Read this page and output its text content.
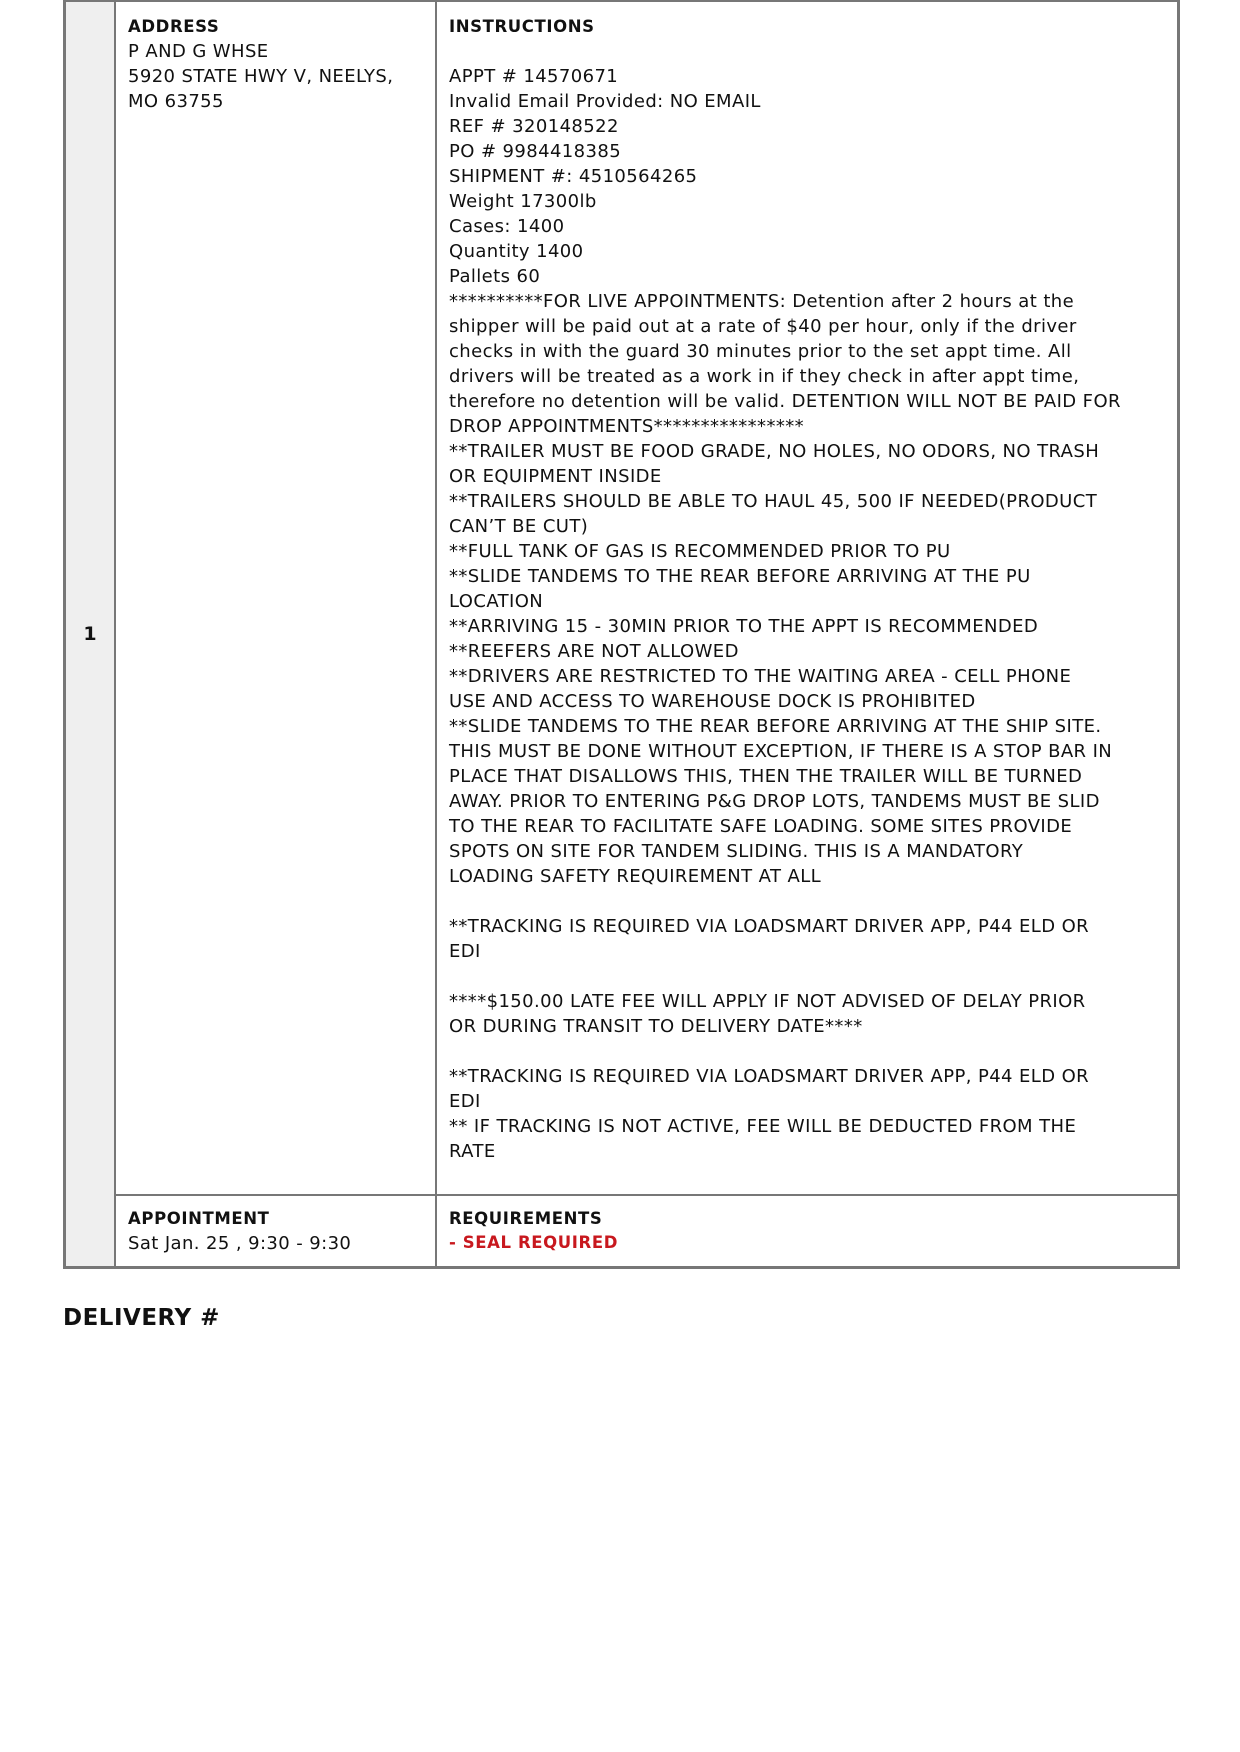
1
ADDRESS
P AND G WHSE
5920 STATE HWY V, NEELYS,
MO 63755
INSTRUCTIONS
APPT # 14570671
Invalid Email Provided: NO EMAIL
REF # 320148522
PO # 9984418385
SHIPMENT #: 4510564265
Weight 17300lb
Cases: 1400
Quantity 1400
Pallets 60
**********FOR LIVE APPOINTMENTS: Detention after 2 hours at the
shipper will be paid out at a rate of $40 per hour, only if the driver
checks in with the guard 30 minutes prior to the set appt time. All
drivers will be treated as a work in if they check in after appt time,
therefore no detention will be valid. DETENTION WILL NOT BE PAID FOR
DROP APPOINTMENTS****************
**TRAILER MUST BE FOOD GRADE, NO HOLES, NO ODORS, NO TRASH
OR EQUIPMENT INSIDE
**TRAILERS SHOULD BE ABLE TO HAUL 45, 500 IF NEEDED(PRODUCT
CAN’T BE CUT)
**FULL TANK OF GAS IS RECOMMENDED PRIOR TO PU
**SLIDE TANDEMS TO THE REAR BEFORE ARRIVING AT THE PU
LOCATION
**ARRIVING 15 - 30MIN PRIOR TO THE APPT IS RECOMMENDED
**REEFERS ARE NOT ALLOWED
**DRIVERS ARE RESTRICTED TO THE WAITING AREA - CELL PHONE
USE AND ACCESS TO WAREHOUSE DOCK IS PROHIBITED
**SLIDE TANDEMS TO THE REAR BEFORE ARRIVING AT THE SHIP SITE.
THIS MUST BE DONE WITHOUT EXCEPTION, IF THERE IS A STOP BAR IN
PLACE THAT DISALLOWS THIS, THEN THE TRAILER WILL BE TURNED
AWAY. PRIOR TO ENTERING P&G DROP LOTS, TANDEMS MUST BE SLID
TO THE REAR TO FACILITATE SAFE LOADING. SOME SITES PROVIDE
SPOTS ON SITE FOR TANDEM SLIDING. THIS IS A MANDATORY
LOADING SAFETY REQUIREMENT AT ALL
**TRACKING IS REQUIRED VIA LOADSMART DRIVER APP, P44 ELD OR
EDI
****$150.00 LATE FEE WILL APPLY IF NOT ADVISED OF DELAY PRIOR
OR DURING TRANSIT TO DELIVERY DATE****
**TRACKING IS REQUIRED VIA LOADSMART DRIVER APP, P44 ELD OR
EDI
** IF TRACKING IS NOT ACTIVE, FEE WILL BE DEDUCTED FROM THE
RATE
APPOINTMENT
Sat Jan. 25 , 9:30 - 9:30
REQUIREMENTS
- SEAL REQUIRED
DELIVERY #
